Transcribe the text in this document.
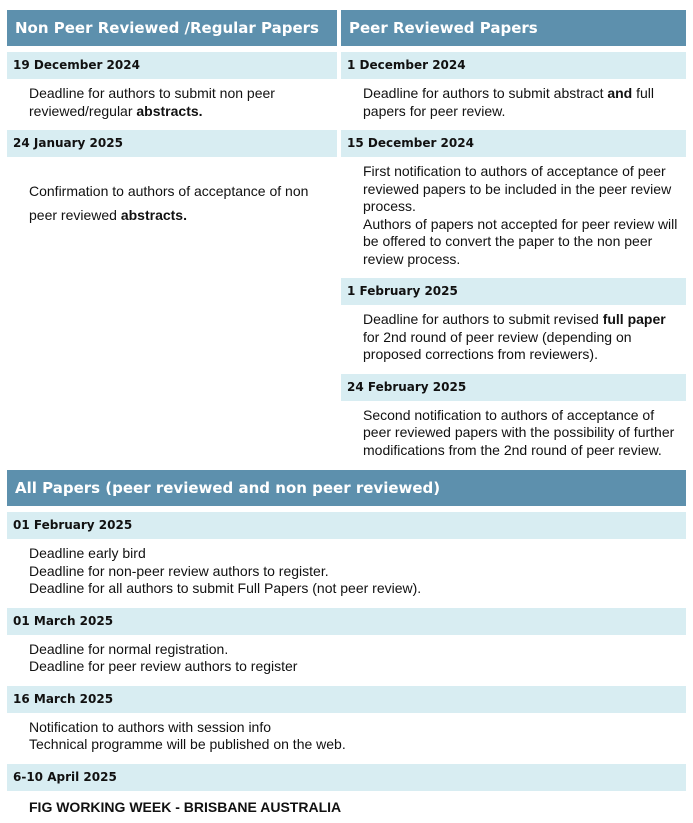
Non Peer Reviewed /Regular Papers
19 December 2024

Deadline for authors to submit non peer reviewed/regular abstracts.

24 January 2025

Confirmation to authors of acceptance of non peer reviewed abstracts.

Peer Reviewed Papers
1 December 2024

Deadline for authors to submit abstract and full papers for peer review.

15 December 2024

First notification to authors of acceptance of peer reviewed papers to be included in the peer review process.

Authors of papers not accepted for peer review will be offered to convert the paper to the non peer review process.

1 February 2025

Deadline for authors to submit revised full paper for 2nd round of peer review (depending on proposed corrections from reviewers).

24 February 2025

Second notification to authors of acceptance of peer reviewed papers with the possibility of further modifications from the 2nd round of peer review.

All Papers (peer reviewed and non peer reviewed)
01 February 2025

Deadline early bird

Deadline for non-peer review authors to register.

Deadline for all authors to submit Full Papers (not peer review).

01 March 2025

Deadline for normal registration.

Deadline for peer review authors to register

16 March 2025

Notification to authors with session info

Technical programme will be published on the web.

6-10 April 2025
FIG WORKING WEEK - BRISBANE AUSTRALIA
